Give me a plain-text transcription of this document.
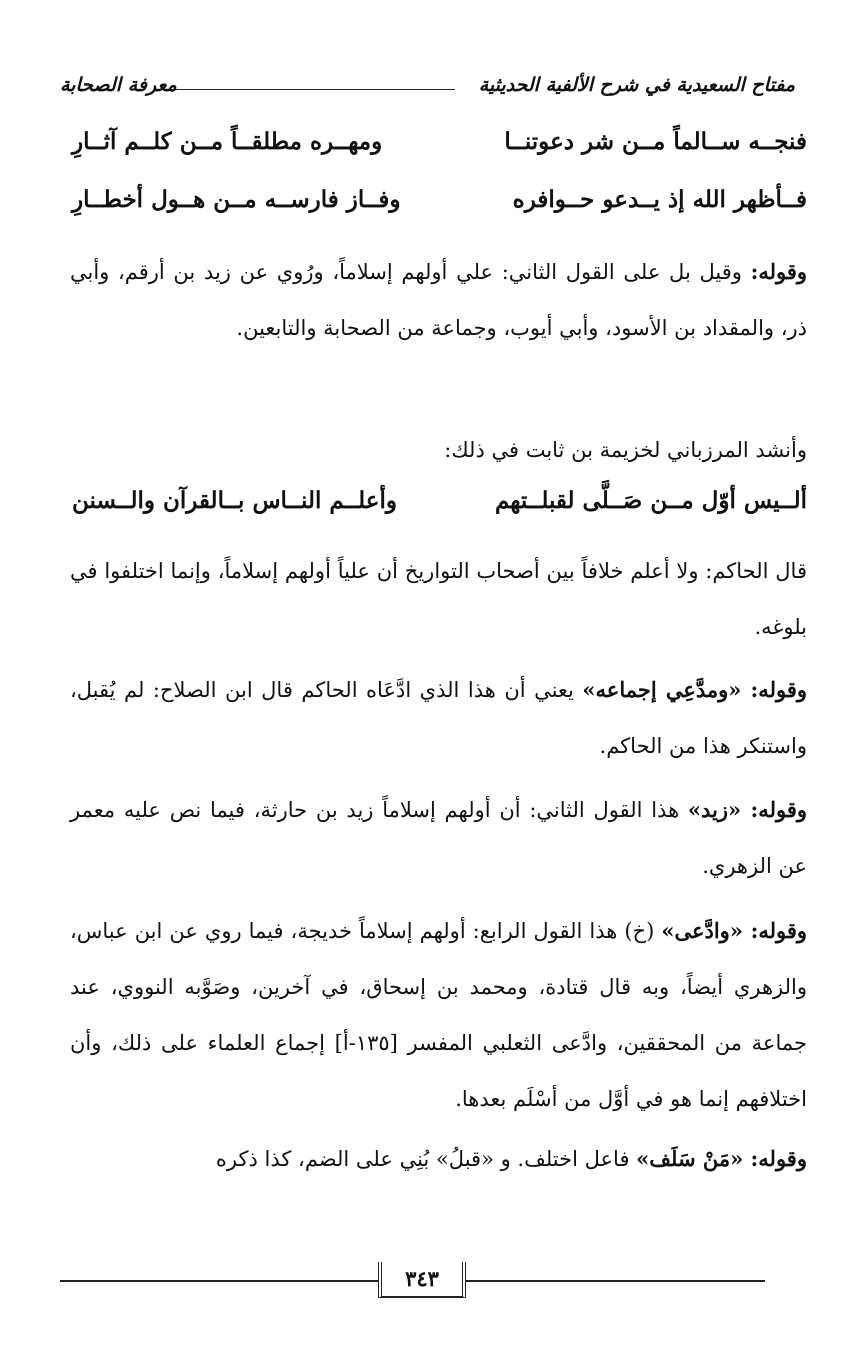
مفتاح السعيدية في شرح الألفية الحديثية
معرفة الصحابة
فنجــه ســالماً مــن شر دعوتنــا
ومهــره مطلقــاً مــن كلــم آثــارِ
فــأظهر الله إذ يــدعو حــوافره
وفــاز فارســه مــن هــول أخطــارِ
وقوله: وقيل بل على القول الثاني: علي أولهم إسلاماً، ورُوي عن زيد بن أرقم، وأبي ذر، والمقداد بن الأسود، وأبي أيوب، وجماعة من الصحابة والتابعين.
وأنشد المرزباني لخزيمة بن ثابت في ذلك:
ألــيس أوّل مــن صَــلَّى لقبلــتهم
وأعلــم النــاس بــالقرآن والــسنن
قال الحاكم: ولا أعلم خلافاً بين أصحاب التواريخ أن علياً أولهم إسلاماً، وإنما اختلفوا في بلوغه.
وقوله: «ومدَّعِي إجماعه» يعني أن هذا الذي ادَّعَاه الحاكم قال ابن الصلاح: لم يُقبل، واستنكر هذا من الحاكم.
وقوله: «زيد» هذا القول الثاني: أن أولهم إسلاماً زيد بن حارثة، فيما نص عليه معمر عن الزهري.
وقوله: «وادَّعى» (خ) هذا القول الرابع: أولهم إسلاماً خديجة، فيما روي عن ابن عباس، والزهري أيضاً، وبه قال قتادة، ومحمد بن إسحاق، في آخرين، وصَوَّبه النووي، عند جماعة من المحققين، وادَّعى الثعلبي المفسر [١٣٥-أ] إجماع العلماء على ذلك، وأن اختلافهم إنما هو في أوَّل من أسْلَم بعدها.
وقوله: «مَنْ سَلَف» فاعل اختلف. و «قبلُ» بُنِي على الضم، كذا ذكره
٣٤٣
